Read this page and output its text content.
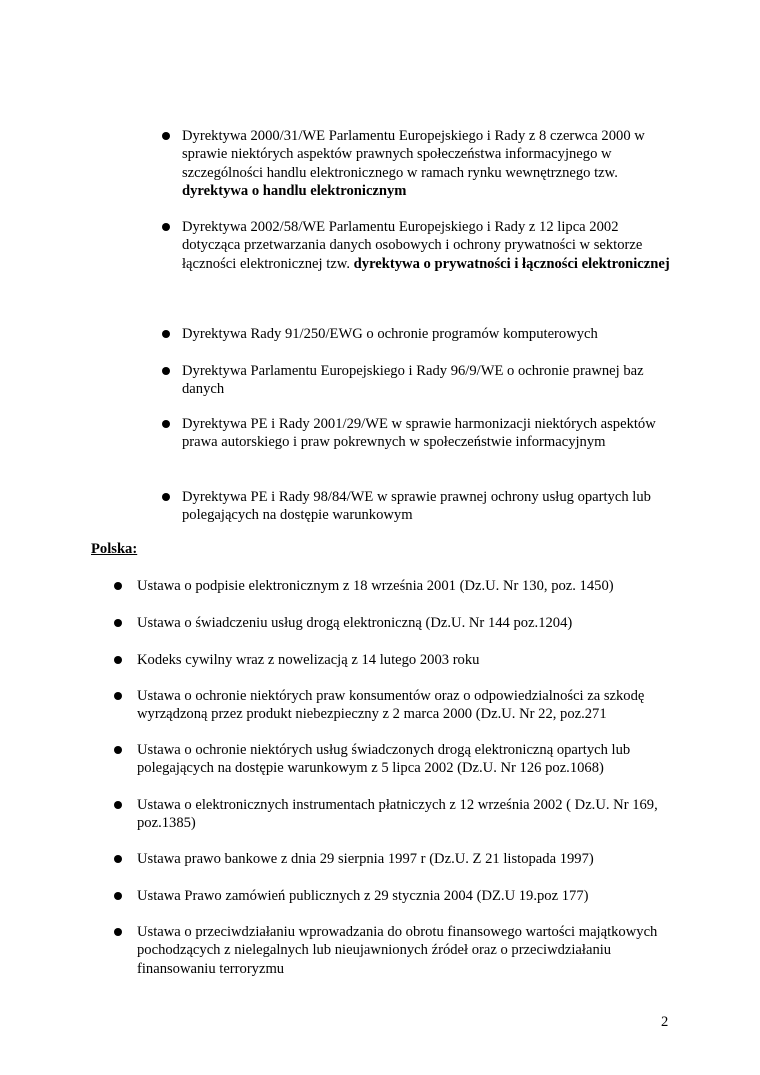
Dyrektywa 2000/31/WE Parlamentu Europejskiego i Rady z 8 czerwca 2000 w sprawie niektórych aspektów prawnych społeczeństwa informacyjnego w szczególności handlu elektronicznego w ramach rynku wewnętrznego tzw. dyrektywa o handlu elektronicznym

Dyrektywa 2002/58/WE Parlamentu Europejskiego i Rady z 12 lipca 2002 dotycząca przetwarzania danych osobowych i ochrony prywatności w sektorze łączności elektronicznej tzw. dyrektywa o prywatności i łączności elektronicznej

Dyrektywa Rady 91/250/EWG o ochronie programów komputerowych

Dyrektywa Parlamentu Europejskiego i Rady 96/9/WE o ochronie prawnej baz danych

Dyrektywa PE i Rady 2001/29/WE w sprawie harmonizacji niektórych aspektów prawa autorskiego i praw pokrewnych w społeczeństwie informacyjnym

Dyrektywa PE i Rady 98/84/WE w sprawie prawnej ochrony usług opartych lub polegających na dostępie warunkowym

Polska:

Ustawa o podpisie elektronicznym z 18 września 2001 (Dz.U. Nr 130, poz. 1450)

Ustawa o świadczeniu usług drogą elektroniczną (Dz.U. Nr 144 poz.1204)

Kodeks cywilny wraz z nowelizacją z 14 lutego 2003 roku

Ustawa o ochronie niektórych praw konsumentów oraz o odpowiedzialności za szkodę wyrządzoną przez produkt niebezpieczny z 2 marca 2000 (Dz.U. Nr 22, poz.271

Ustawa o ochronie niektórych usług świadczonych drogą elektroniczną opartych lub polegających na dostępie warunkowym z 5 lipca 2002 (Dz.U. Nr 126 poz.1068)

Ustawa o elektronicznych instrumentach płatniczych z 12 września 2002 ( Dz.U. Nr 169, poz.1385)

Ustawa prawo bankowe z dnia 29 sierpnia 1997 r (Dz.U. Z 21 listopada 1997)

Ustawa Prawo zamówień publicznych z 29 stycznia 2004 (DZ.U 19.poz 177)

Ustawa o przeciwdziałaniu wprowadzania do obrotu finansowego wartości majątkowych pochodzących z nielegalnych lub nieujawnionych źródeł oraz o przeciwdziałaniu finansowaniu terroryzmu

2
